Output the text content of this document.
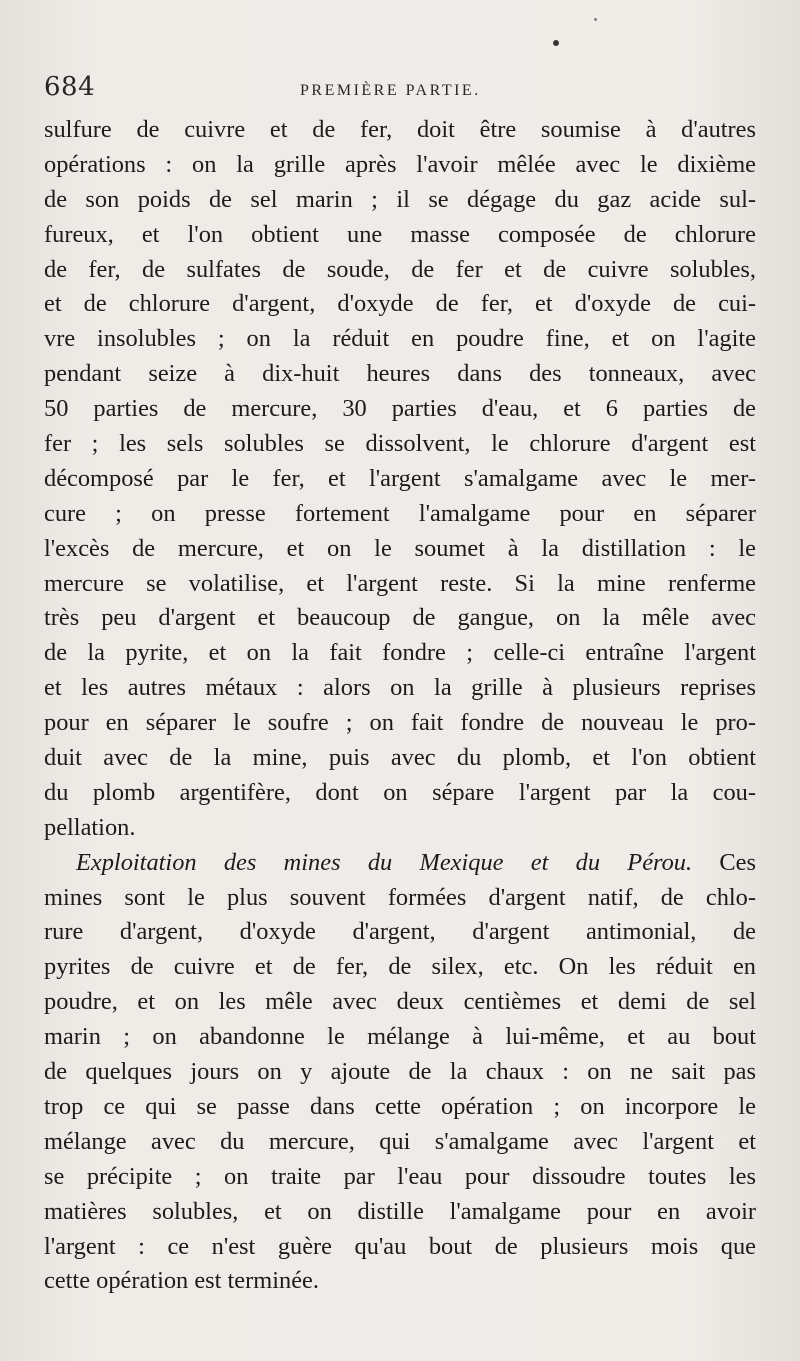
684	PREMIÈRE PARTIE.
sulfure de cuivre et de fer, doit être soumise à d'autres
opérations : on la grille après l'avoir mêlée avec le dixième
de son poids de sel marin ; il se dégage du gaz acide sul-
fureux, et l'on obtient une masse composée de chlorure
de fer, de sulfates de soude, de fer et de cuivre solubles,
et de chlorure d'argent, d'oxyde de fer, et d'oxyde de cui-
vre insolubles ; on la réduit en poudre fine, et on l'agite
pendant seize à dix-huit heures dans des tonneaux, avec
50 parties de mercure, 30 parties d'eau, et 6 parties de
fer ; les sels solubles se dissolvent, le chlorure d'argent est
décomposé par le fer, et l'argent s'amalgame avec le mer-
cure ; on presse fortement l'amalgame pour en séparer
l'excès de mercure, et on le soumet à la distillation : le
mercure se volatilise, et l'argent reste. Si la mine renferme
très peu d'argent et beaucoup de gangue, on la mêle avec
de la pyrite, et on la fait fondre ; celle-ci entraîne l'argent
et les autres métaux : alors on la grille à plusieurs reprises
pour en séparer le soufre ; on fait fondre de nouveau le pro-
duit avec de la mine, puis avec du plomb, et l'on obtient
du plomb argentifère, dont on sépare l'argent par la cou-
pellation.
Exploitation des mines du Mexique et du Pérou. Ces
mines sont le plus souvent formées d'argent natif, de chlo-
rure d'argent, d'oxyde d'argent, d'argent antimonial, de
pyrites de cuivre et de fer, de silex, etc. On les réduit en
poudre, et on les mêle avec deux centièmes et demi de sel
marin ; on abandonne le mélange à lui-même, et au bout
de quelques jours on y ajoute de la chaux : on ne sait pas
trop ce qui se passe dans cette opération ; on incorpore le
mélange avec du mercure, qui s'amalgame avec l'argent et
se précipite ; on traite par l'eau pour dissoudre toutes les
matières solubles, et on distille l'amalgame pour en avoir
l'argent : ce n'est guère qu'au bout de plusieurs mois que
cette opération est terminée.
